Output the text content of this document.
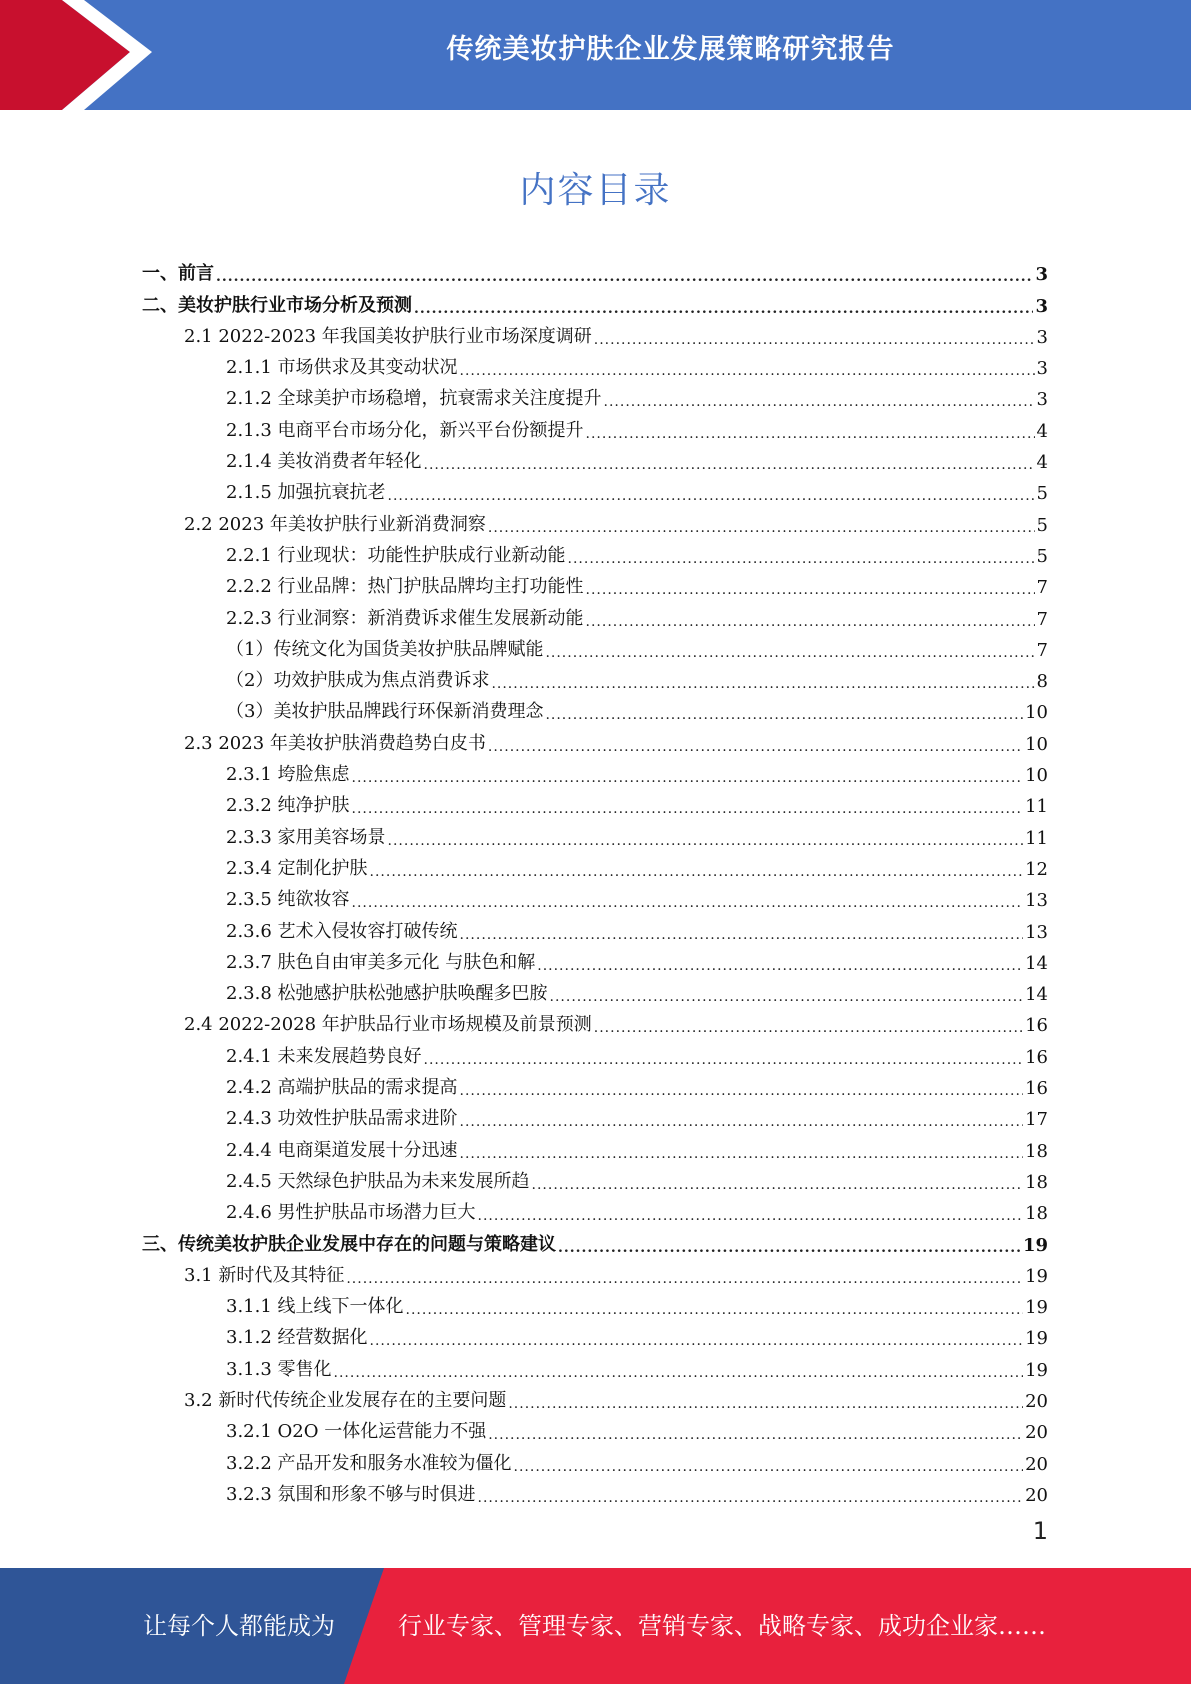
传统美妆护肤企业发展策略研究报告
内容目录
一、前言 .....	3
二、美妆护肤行业市场分析及预测 .....	3
2.1 2022-2023 年我国美妆护肤行业市场深度调研 .....	3
2.1.1 市场供求及其变动状况 .....	3
2.1.2 全球美护市场稳增，抗衰需求关注度提升 .....	3
2.1.3 电商平台市场分化，新兴平台份额提升 .....	4
2.1.4 美妆消费者年轻化 .....	4
2.1.5 加强抗衰抗老 .....	5
2.2 2023 年美妆护肤行业新消费洞察 .....	5
2.2.1 行业现状：功能性护肤成行业新动能 .....	5
2.2.2 行业品牌：热门护肤品牌均主打功能性 .....	7
2.2.3 行业洞察：新消费诉求催生发展新动能 .....	7
（1）传统文化为国货美妆护肤品牌赋能 .....	7
（2）功效护肤成为焦点消费诉求 .....	8
（3）美妆护肤品牌践行环保新消费理念 .....	10
2.3 2023 年美妆护肤消费趋势白皮书 .....	10
2.3.1 垮脸焦虑 .....	10
2.3.2 纯净护肤 .....	11
2.3.3 家用美容场景 .....	11
2.3.4 定制化护肤 .....	12
2.3.5 纯欲妆容 .....	13
2.3.6 艺术入侵妆容打破传统 .....	13
2.3.7 肤色自由审美多元化 与肤色和解 .....	14
2.3.8 松弛感护肤松弛感护肤唤醒多巴胺 .....	14
2.4 2022-2028 年护肤品行业市场规模及前景预测 .....	16
2.4.1 未来发展趋势良好 .....	16
2.4.2 高端护肤品的需求提高 .....	16
2.4.3 功效性护肤品需求进阶 .....	17
2.4.4 电商渠道发展十分迅速 .....	18
2.4.5 天然绿色护肤品为未来发展所趋 .....	18
2.4.6 男性护肤品市场潜力巨大 .....	18
三、传统美妆护肤企业发展中存在的问题与策略建议 .....	19
3.1 新时代及其特征 .....	19
3.1.1 线上线下一体化 .....	19
3.1.2 经营数据化 .....	19
3.1.3 零售化 .....	19
3.2 新时代传统企业发展存在的主要问题 .....	20
3.2.1 O2O 一体化运营能力不强 .....	20
3.2.2 产品开发和服务水准较为僵化 .....	20
3.2.3 氛围和形象不够与时俱进 .....	20
1
让每个人都能成为	行业专家、管理专家、营销专家、战略专家、成功企业家……
